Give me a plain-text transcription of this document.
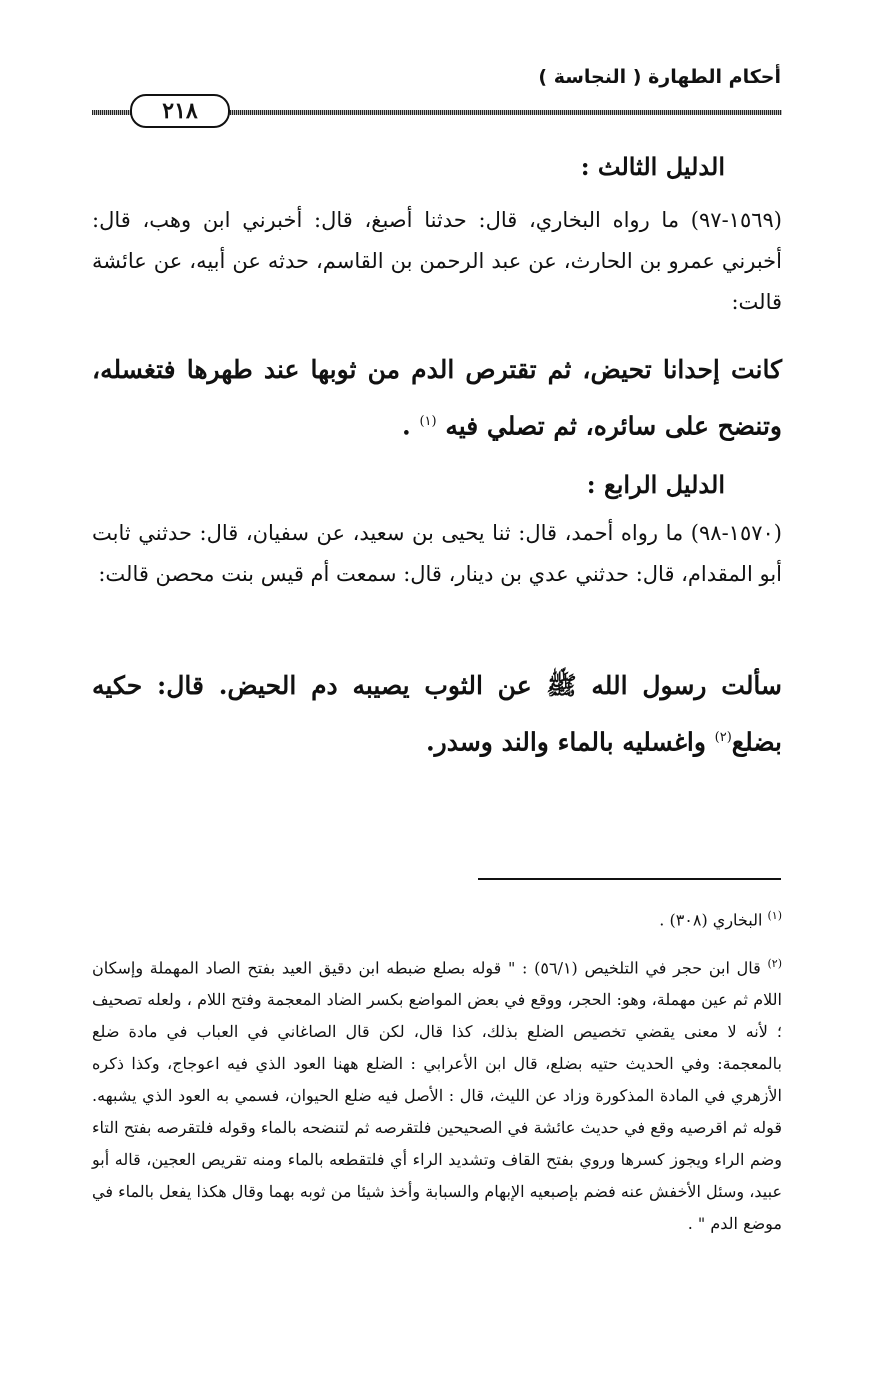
أحكام الطهارة ( النجاسة )
٢١٨
الدليل الثالث :
(١٥٦٩-٩٧) ما رواه البخاري، قال: حدثنا أصبغ، قال: أخبرني ابن وهب، قال: أخبرني عمرو بن الحارث، عن عبد الرحمن بن القاسم، حدثه عن أبيه، عن عائشة قالت:
كانت إحدانا تحيض، ثم تقترص الدم من ثوبها عند طهرها فتغسله، وتنضح على سائره، ثم تصلي فيه $^{(١)}$ .
الدليل الرابع :
(١٥٧٠-٩٨) ما رواه أحمد، قال: ثنا يحيى بن سعيد، عن سفيان، قال: حدثني ثابت أبو المقدام، قال: حدثني عدي بن دينار، قال: سمعت أم قيس بنت محصن قالت:
سألت رسول الله ﷺ عن الثوب يصيبه دم الحيض. قال: حكيه بضلع$^{(٢)}$ واغسليه بالماء والند وسدر.
$^{(١)}$ البخاري (٣٠٨) .
$^{(٢)}$ قال ابن حجر في التلخيص (٥٦/١) : " قوله بصلع ضبطه ابن دقيق العيد بفتح الصاد المهملة وإسكان اللام ثم عين مهملة، وهو: الحجر، ووقع في بعض المواضع بكسر الضاد المعجمة وفتح اللام ، ولعله تصحيف ؛ لأنه لا معنى يقضي تخصيص الضلع بذلك، كذا قال، لكن قال الصاغاني في العباب في مادة ضلع بالمعجمة: وفي الحديث حتيه بضلع، قال ابن الأعرابي : الضلع ههنا العود الذي فيه اعوجاج، وكذا ذكره الأزهري في المادة المذكورة وزاد عن الليث، قال : الأصل فيه ضلع الحيوان، فسمي به العود الذي يشبهه. قوله ثم اقرصيه وقع في حديث عائشة في الصحيحين فلتقرصه ثم لتنضحه بالماء وقوله فلتقرصه بفتح التاء وضم الراء ويجوز كسرها وروي بفتح القاف وتشديد الراء أي فلتقطعه بالماء ومنه تقريص العجين، قاله أبو عبيد، وسئل الأخفش عنه فضم بإصبعيه الإبهام والسبابة وأخذ شيئا من ثوبه بهما وقال هكذا يفعل بالماء في موضع الدم " .
